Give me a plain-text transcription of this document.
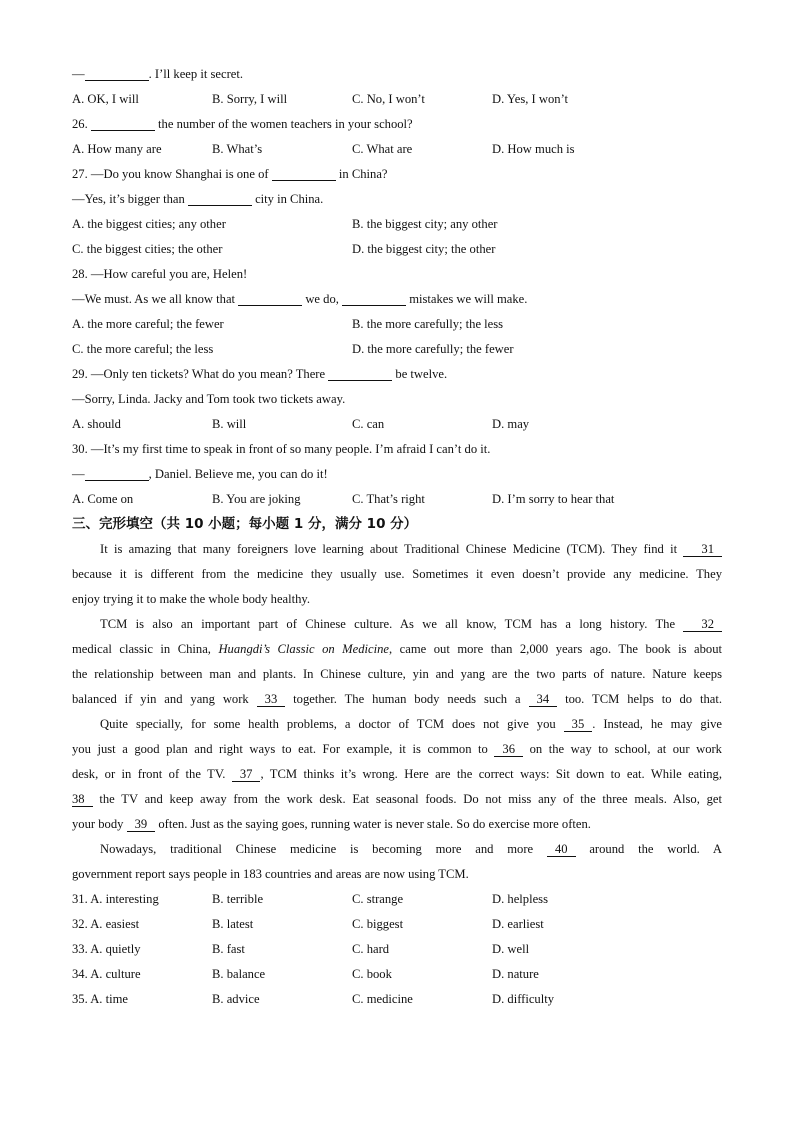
—	. I’ll keep it secret.
A. OK, I will	B. Sorry, I will	C. No, I won’t	D. Yes, I won’t
26.	the number of the women teachers in your school?
A. How many are	B. What’s	C. What are	D. How much is
27. —Do you know Shanghai is one of	in China?
—Yes, it’s bigger than	city in China.
A. the biggest cities; any other	B. the biggest city; any other
C. the biggest cities; the other	D. the biggest city; the other
28. —How careful you are, Helen!
—We must. As we all know that	we do,	mistakes we will make.
A. the more careful; the fewer	B. the more carefully; the less
C. the more careful; the less	D. the more carefully; the fewer
29. —Only ten tickets? What do you mean? There	be twelve.
—Sorry, Linda. Jacky and Tom took two tickets away.
A. should	B. will	C. can	D. may
30. —It’s my first time to speak in front of so many people. I’m afraid I can’t do it.
—	, Daniel. Believe me, you can do it!
A. Come on	B. You are joking	C. That’s right	D. I’m sorry to hear that
三、完形填空（共 10 小题；每小题 1 分，满分 10 分）
It is amazing that many foreigners love learning about Traditional Chinese Medicine (TCM). They find it 31
because it is different from the medicine they usually use. Sometimes it even doesn’t provide any medicine. They
enjoy trying it to make the whole body healthy.
TCM is also an important part of Chinese culture. As we all know, TCM has a long history. The 32
medical classic in China, Huangdi’s Classic on Medicine, came out more than 2,000 years ago. The book is about
the relationship between man and plants. In Chinese culture, yin and yang are the two parts of nature. Nature keeps
balanced if yin and yang work 33 together. The human body needs such a 34 too. TCM helps to do that.
Quite specially, for some health problems, a doctor of TCM does not give you 35 . Instead, he may give
you just a good plan and right ways to eat. For example, it is common to 36 on the way to school, at our work
desk, or in front of the TV. 37 , TCM thinks it’s wrong. Here are the correct ways: Sit down to eat. While eating,
38 the TV and keep away from the work desk. Eat seasonal foods. Do not miss any of the three meals. Also, get
your body 39 often. Just as the saying goes, running water is never stale. So do exercise more often.
Nowadays, traditional Chinese medicine is becoming more and more 40 around the world. A
government report says people in 183 countries and areas are now using TCM.
31. A. interesting	B. terrible	C. strange	D. helpless
32. A. easiest	B. latest	C. biggest	D. earliest
33. A. quietly	B. fast	C. hard	D. well
34. A. culture	B. balance	C. book	D. nature
35. A. time	B. advice	C. medicine	D. difficulty
